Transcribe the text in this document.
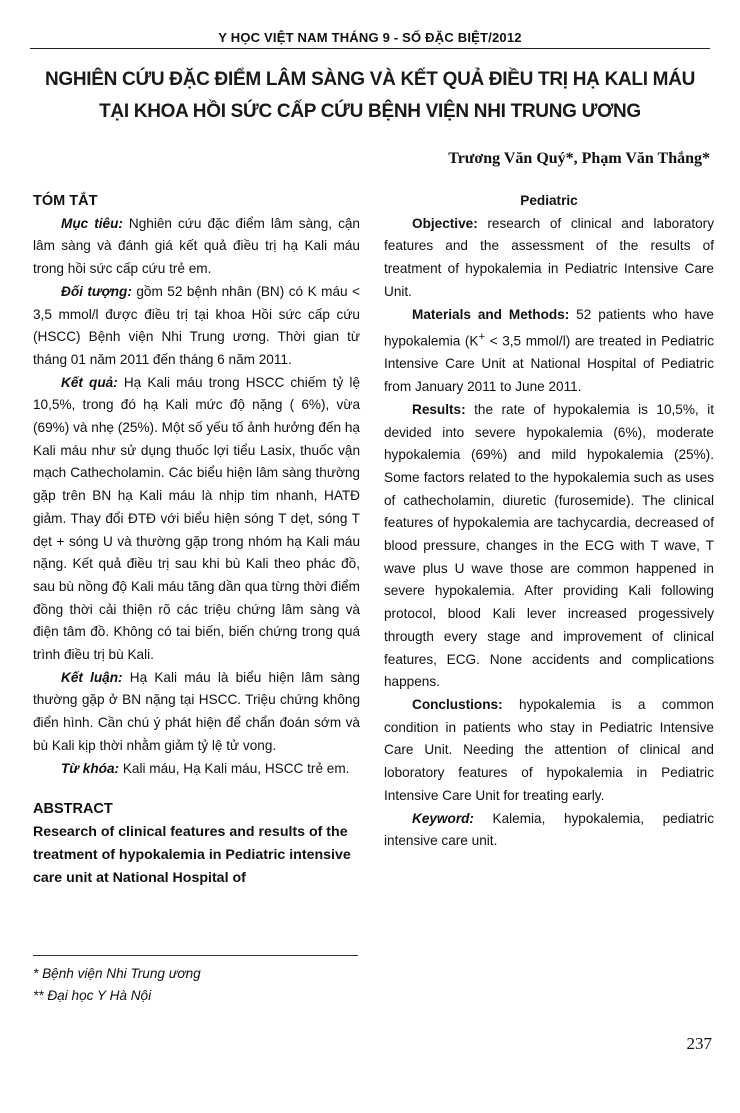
Y HỌC VIỆT NAM THÁNG 9 - SỐ ĐẶC BIỆT/2012
NGHIÊN CỨU ĐẶC ĐIỂM LÂM SÀNG VÀ KẾT QUẢ ĐIỀU TRỊ HẠ KALI MÁU
TẠI KHOA HỒI SỨC CẤP CỨU BỆNH VIỆN NHI TRUNG ƯƠNG
Trương Văn Quý*, Phạm Văn Thắng*
TÓM TẮT

Mục tiêu: Nghiên cứu đặc điểm lâm sàng, cận lâm sàng và đánh giá kết quả điều trị hạ Kali máu trong hồi sức cấp cứu trẻ em.

Đối tượng: gồm 52 bệnh nhân (BN) có K máu < 3,5 mmol/l được điều trị tại khoa Hồi sức cấp cứu (HSCC) Bệnh viện Nhi Trung ương. Thời gian từ tháng 01 năm 2011 đến tháng 6 năm 2011.

Kết quả: Hạ Kali máu trong HSCC chiếm tỷ lệ 10,5%, trong đó hạ Kali mức độ nặng ( 6%), vừa (69%) và nhẹ (25%). Một số yếu tố ảnh hưởng đến hạ Kali máu như sử dụng thuốc lợi tiểu Lasix, thuốc vận mạch Cathecholamin. Các biểu hiện lâm sàng thường gặp trên BN hạ Kali máu là nhịp tim nhanh, HATĐ giảm. Thay đổi ĐTĐ với biểu hiện sóng T dẹt, sóng T dẹt + sóng U và thường gặp trong nhóm hạ Kali máu nặng. Kết quả điều trị sau khi bù Kali theo phác đồ, sau bù nồng độ Kali máu tăng dần qua từng thời điểm đồng thời cải thiện rõ các triệu chứng lâm sàng và điện tâm đồ. Không có tai biến, biến chứng trong quá trình điều trị bù Kali.

Kết luận: Hạ Kali máu là biểu hiện lâm sàng thường gặp ở BN nặng tại HSCC. Triệu chứng không điển hình. Cần chú ý phát hiện để chẩn đoán sớm và bù Kali kịp thời nhằm giảm tỷ lệ tử vong.

Từ khóa: Kali máu, Hạ Kali máu, HSCC trẻ em.

ABSTRACT

Research of clinical features and results of the treatment of hypokalemia in Pediatric intensive care unit at National Hospital of

Pediatric

Objective: research of clinical and laboratory features and the assessment of the results of treatment of hypokalemia in Pediatric Intensive Care Unit.

Materials and Methods: 52 patients who have hypokalemia (K+ < 3,5 mmol/l) are treated in Pediatric Intensive Care Unit at National Hospital of Pediatric from January 2011 to June 2011.

Results: the rate of hypokalemia is 10,5%, it devided into severe hypokalemia (6%), moderate hypokalemia (69%) and mild hypokalemia (25%). Some factors related to the hypokalemia such as uses of cathecholamin, diuretic (furosemide). The clinical features of hypokalemia are tachycardia, decreased of blood pressure, changes in the ECG with T wave, T wave plus U wave those are common happened in severe hypokalemia. After providing Kali following protocol, blood Kali lever increased progessively througth every stage and improvement of clinical features, ECG. None accidents and complications happens.

Conclustions: hypokalemia is a common condition in patients who stay in Pediatric Intensive Care Unit. Needing the attention of clinical and loboratory features of hypokalemia in Pediatric Intensive Care Unit for treating early.

Keyword: Kalemia, hypokalemia, pediatric intensive care unit.

* Bệnh viện Nhi Trung ương
** Đại học Y Hà Nội
237
